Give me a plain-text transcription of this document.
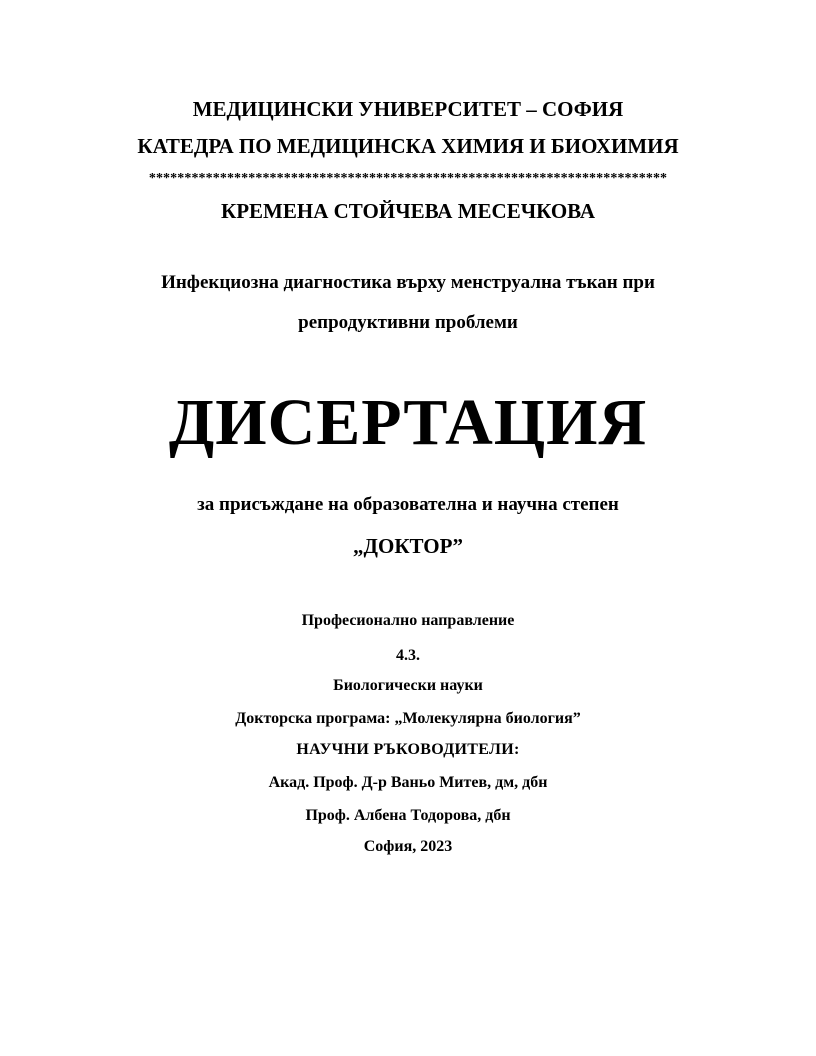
МЕДИЦИНСКИ УНИВЕРСИТЕТ – СОФИЯ
КАТЕДРА ПО МЕДИЦИНСКА ХИМИЯ И БИОХИМИЯ
*************************************************************************
КРЕМЕНА СТОЙЧЕВА МЕСЕЧКОВА
Инфекциозна диагностика върху менструална тъкан при
репродуктивни проблеми
ДИСЕРТАЦИЯ
за присъждане на образователна и научна степен
„ДОКТОР”
Професионално направление
4.3.
Биологически науки
Докторска програма: „Молекулярна биология”
НАУЧНИ РЪКОВОДИТЕЛИ:
Акад. Проф. Д-р Ваньо Митев, дм, дбн
Проф. Албена Тодорова, дбн
София, 2023
